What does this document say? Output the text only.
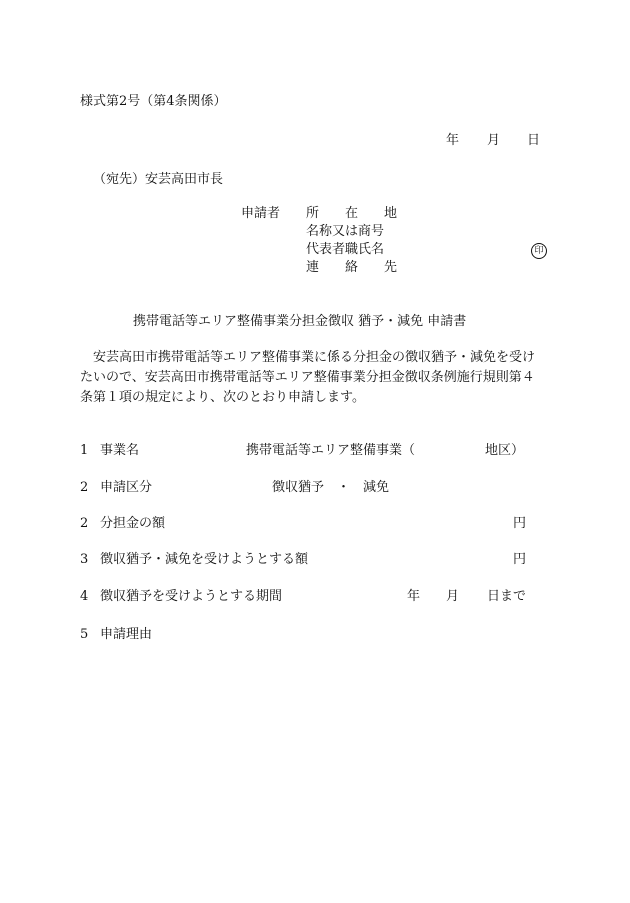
様式第2号（第4条関係）
年 月 日
（宛先）安芸高田市長
申請者 所　　在　　地
名称又は商号
代表者職氏名	印
連　　絡　　先
携帯電話等エリア整備事業分担金徴収 猶予・減免 申請書
安芸高田市携帯電話等エリア整備事業に係る分担金の徴収猶予・減免を受けたいので、安芸高田市携帯電話等エリア整備事業分担金徴収条例施行規則第４条第１項の規定により、次のとおり申請します。
1 事業名	携帯電話等エリア整備事業（	地区）
2 申請区分	徴収猶予　・　減免
2 分担金の額	円
3 徴収猶予・減免を受けようとする額	円
4 徴収猶予を受けようとする期間	年 月 日まで
5 申請理由
